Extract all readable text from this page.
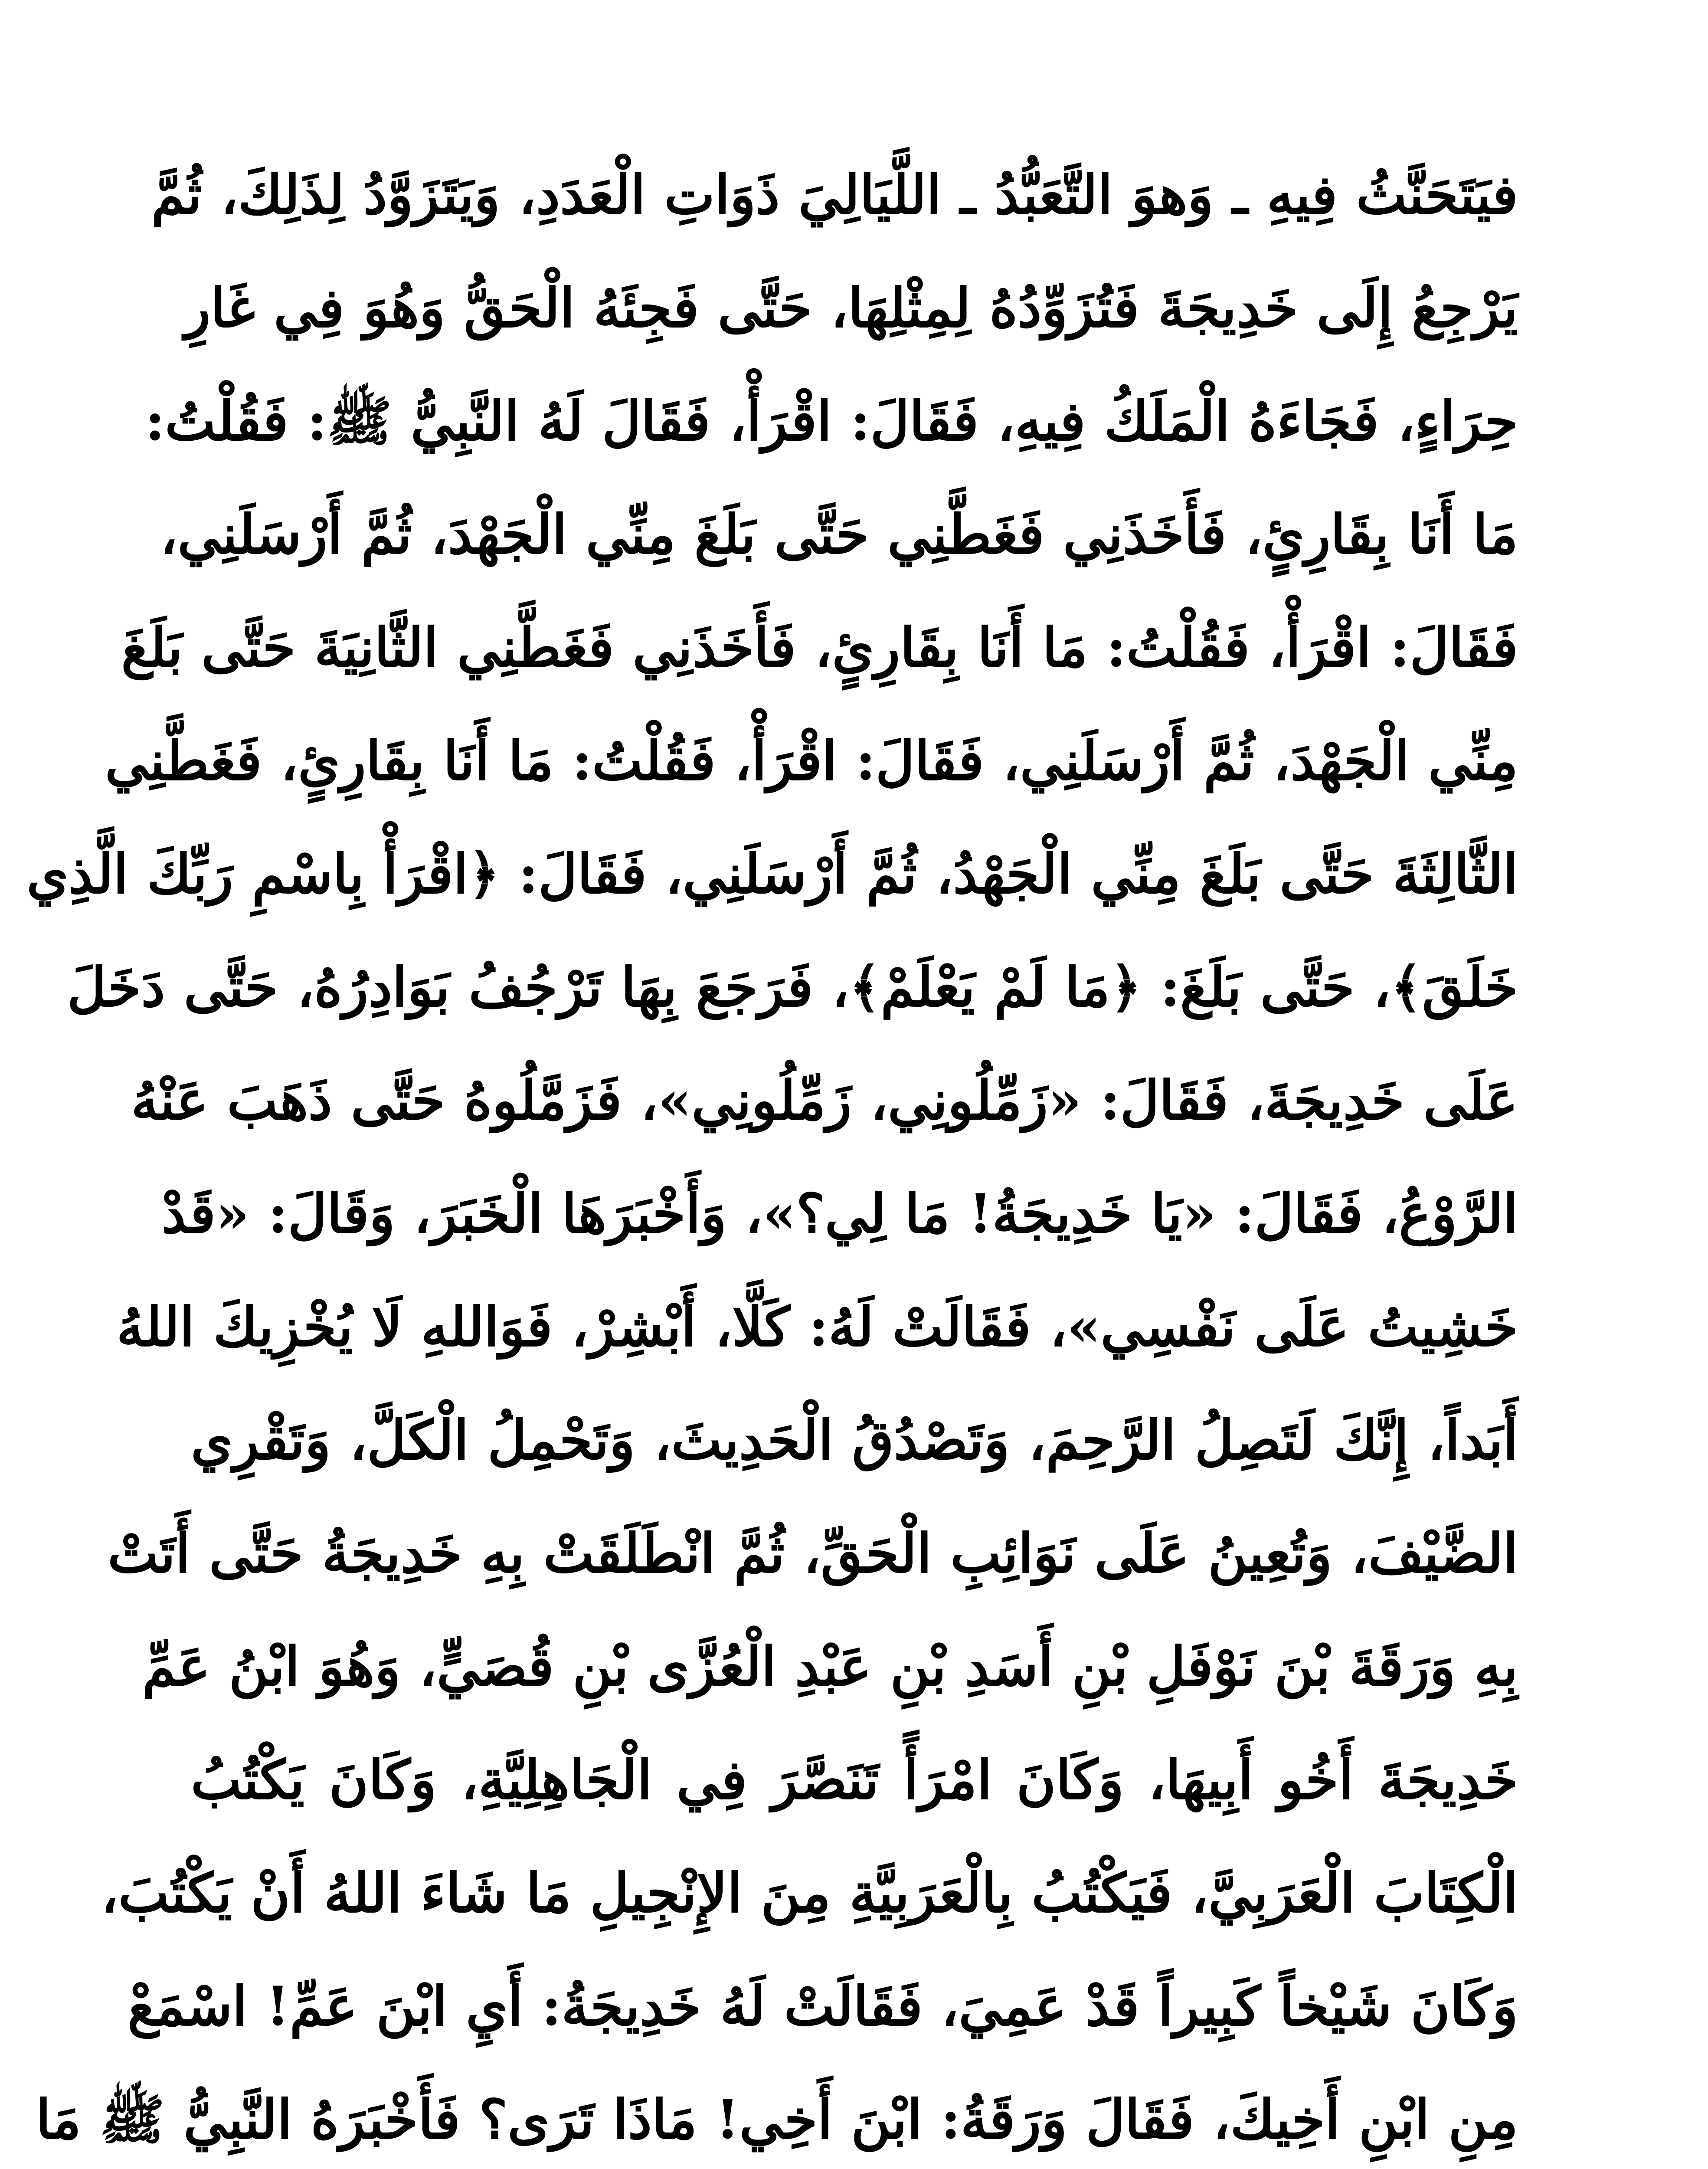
فيَتَحَنَّثُ فِيهِ ـ وَهوَ التَّعَبُّدُ ـ اللَّيَالِيَ ذَوَاتِ الْعَدَدِ، وَيَتَزَوَّدُ لِذَلِكَ، ثُمَّ
يَرْجِعُ إِلَى خَدِيجَةَ فَتُزَوِّدُهُ لِمِثْلِهَا، حَتَّى فَجِئَهُ الْحَقُّ وَهُوَ فِي غَارِ
حِرَاءٍ، فَجَاءَهُ الْمَلَكُ فِيهِ، فَقَالَ: اقْرَأْ، فَقَالَ لَهُ النَّبِيُّ ﷺ: فَقُلْتُ:
مَا أَنَا بِقَارِئٍ، فَأَخَذَنِي فَغَطَّنِي حَتَّى بَلَغَ مِنِّي الْجَهْدَ، ثُمَّ أَرْسَلَنِي،
فَقَالَ: اقْرَأْ، فَقُلْتُ: مَا أَنَا بِقَارِئٍ، فَأَخَذَنِي فَغَطَّنِي الثَّانِيَةَ حَتَّى بَلَغَ
مِنِّي الْجَهْدَ، ثُمَّ أَرْسَلَنِي، فَقَالَ: اقْرَأْ، فَقُلْتُ: مَا أَنَا بِقَارِئٍ، فَغَطَّنِي
الثَّالِثَةَ حَتَّى بَلَغَ مِنِّي الْجَهْدُ، ثُمَّ أَرْسَلَنِي، فَقَالَ: ﴿اقْرَأْ بِاسْمِ رَبِّكَ الَّذِي
خَلَقَ﴾، حَتَّى بَلَغَ: ﴿مَا لَمْ يَعْلَمْ﴾، فَرَجَعَ بِهَا تَرْجُفُ بَوَادِرُهُ، حَتَّى دَخَلَ
عَلَى خَدِيجَةَ، فَقَالَ: «زَمِّلُونِي، زَمِّلُونِي»، فَزَمَّلُوهُ حَتَّى ذَهَبَ عَنْهُ
الرَّوْعُ، فَقَالَ: «يَا خَدِيجَةُ! مَا لِي؟»، وَأَخْبَرَهَا الْخَبَرَ، وَقَالَ: «قَدْ
خَشِيتُ عَلَى نَفْسِي»، فَقَالَتْ لَهُ: كَلَّا، أَبْشِرْ، فَوَاللهِ لَا يُخْزِيكَ اللهُ
أَبَداً، إِنَّكَ لَتَصِلُ الرَّحِمَ، وَتَصْدُقُ الْحَدِيثَ، وَتَحْمِلُ الْكَلَّ، وَتَقْرِي
الضَّيْفَ، وَتُعِينُ عَلَى نَوَائِبِ الْحَقِّ، ثُمَّ انْطَلَقَتْ بِهِ خَدِيجَةُ حَتَّى أَتَتْ
بِهِ وَرَقَةَ بْنَ نَوْفَلِ بْنِ أَسَدِ بْنِ عَبْدِ الْعُزَّى بْنِ قُصَيٍّ، وَهُوَ ابْنُ عَمِّ
خَدِيجَةَ أَخُو أَبِيهَا، وَكَانَ امْرَأً تَنَصَّرَ فِي الْجَاهِلِيَّةِ، وَكَانَ يَكْتُبُ
الْكِتَابَ الْعَرَبِيَّ، فَيَكْتُبُ بِالْعَرَبِيَّةِ مِنَ الإِنْجِيلِ مَا شَاءَ اللهُ أَنْ يَكْتُبَ،
وَكَانَ شَيْخاً كَبِيراً قَدْ عَمِيَ، فَقَالَتْ لَهُ خَدِيجَةُ: أَيِ ابْنَ عَمِّ! اسْمَعْ
مِنِ ابْنِ أَخِيكَ، فَقَالَ وَرَقَةُ: ابْنَ أَخِي! مَاذَا تَرَى؟ فَأَخْبَرَهُ النَّبِيُّ ﷺ مَا
